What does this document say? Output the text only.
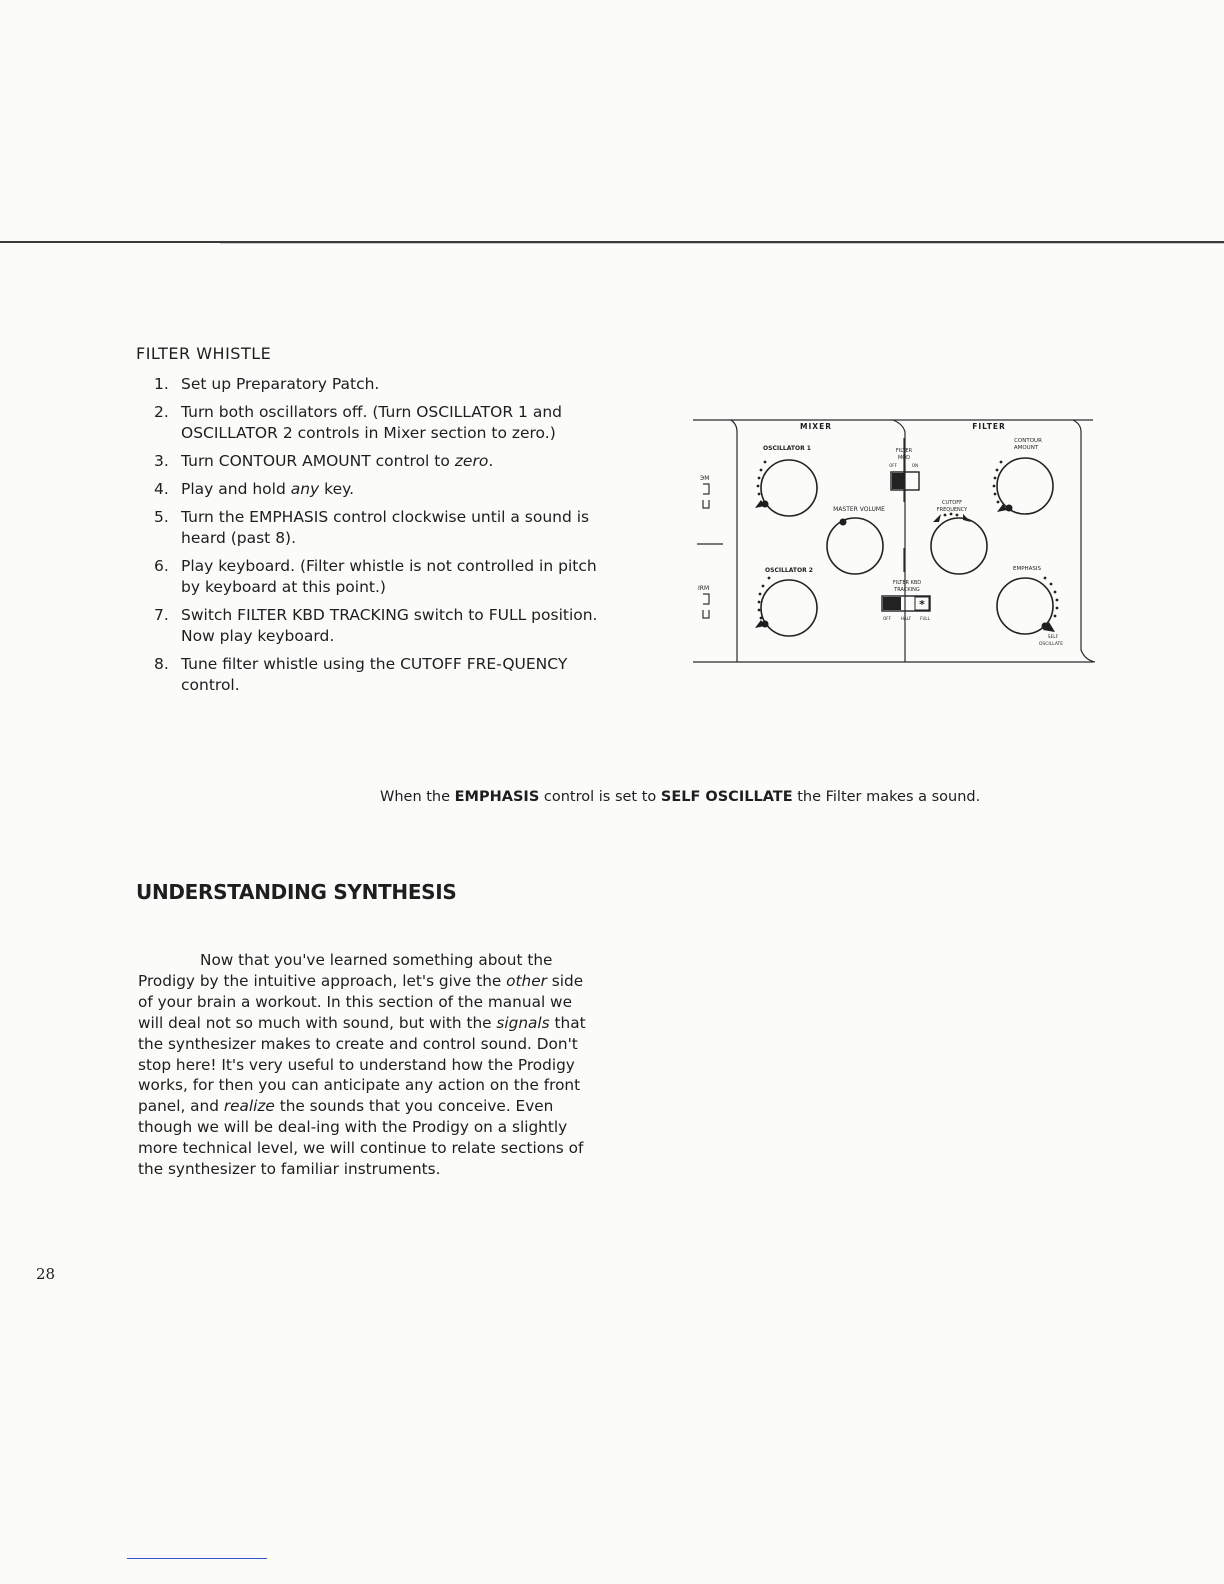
FILTER WHISTLE
1. Set up Preparatory Patch.
2. Turn both oscillators off. (Turn OSCILLATOR 1 and OSCILLATOR 2 controls in Mixer section to zero.)
3. Turn CONTOUR AMOUNT control to zero.
4. Play and hold any key.
5. Turn the EMPHASIS control clockwise until a sound is heard (past 8).
6. Play keyboard. (Filter whistle is not controlled in pitch by keyboard at this point.)
7. Switch FILTER KBD TRACKING switch to FULL position. Now play keyboard.
8. Tune filter whistle using the CUTOFF FRE-QUENCY control.
ЭМ
ІRM
MIXER	FILTER
OSCILLATOR 1
MASTER VOLUME
FILTER
MOD
OFF	ON
CUTOFF
FREQUENCY
CONTOUR
AMOUNT
OSCILLATOR 2
FILTER KBD
TRACKING
*
OFF HALF FULL
EMPHASIS
SELF
OSCILLATE

When the EMPHASIS control is set to SELF OSCILLATE the Filter makes a sound.

UNDERSTANDING SYNTHESIS

Now that you've learned something about the Prodigy by the intuitive approach, let's give the other side of your brain a workout. In this section of the manual we will deal not so much with sound, but with the signals that the synthesizer makes to create and control sound. Don't stop here! It's very useful to understand how the Prodigy works, for then you can anticipate any action on the front panel, and realize the sounds that you conceive. Even though we will be deal-ing with the Prodigy on a slightly more technical level, we will continue to relate sections of the synthesizer to familiar instruments.

28
